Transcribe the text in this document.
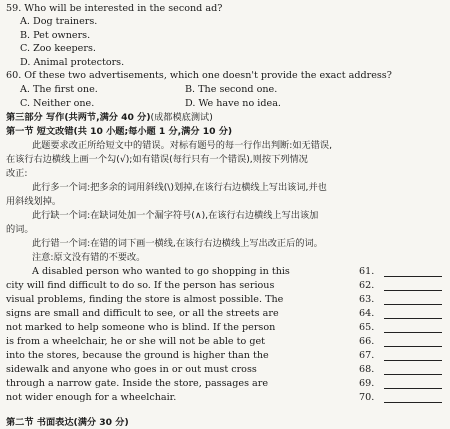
59. Who will be interested in the second ad?
A. Dog trainers.
B. Pet owners.
C. Zoo keepers.
D. Animal protectors.
60. Of these two advertisements, which one doesn't provide the exact address?
A. The first one.	B. The second one.
C. Neither one.	D. We have no idea.
第三部分 写作(共两节,满分 40 分)(成都模底测试)
第一节 短文改错(共 10 小题;每小题 1 分,满分 10 分)
此题要求改正所给短文中的错误。对标有题号的每一行作出判断:如无错误,
在该行右边横线上画一个勾(√);如有错误(每行只有一个错误),则按下列情况
改正:
此行多一个词:把多余的词用斜线(\)划掉,在该行右边横线上写出该词,并也
用斜线划掉。
此行缺一个词:在缺词处加一个漏字符号(∧),在该行右边横线上写出该加
的词。
此行错一个词:在错的词下画一横线,在该行右边横线上写出改正后的词。
注意:原文没有错的不要改。
A disabled person who wanted to go shopping in this	61.
city will find difficult to do so. If the person has serious	62.
visual problems, finding the store is almost possible. The	63.
signs are small and difficult to see, or all the streets are	64.
not marked to help someone who is blind. If the person	65.
is from a wheelchair, he or she will not be able to get	66.
into the stores, because the ground is higher than the	67.
sidewalk and anyone who goes in or out must cross	68.
through a narrow gate. Inside the store, passages are	69.
not wider enough for a wheelchair.	70.
第二节 书面表达(满分 30 分)
